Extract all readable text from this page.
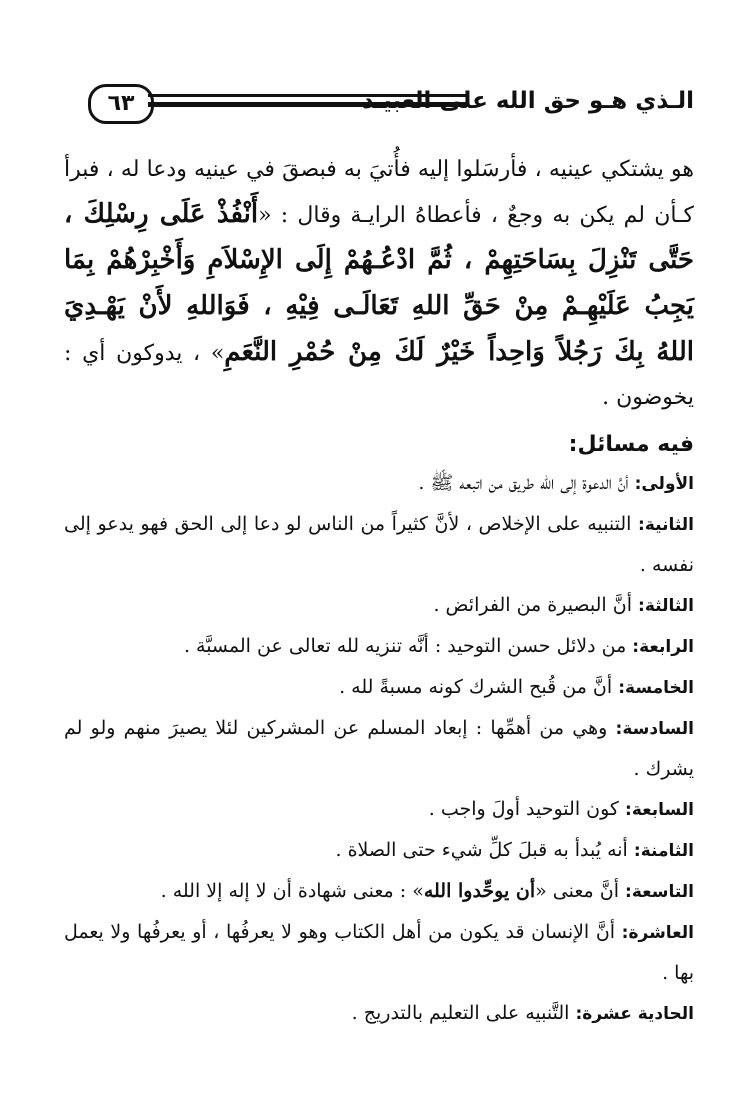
٦٣	الـذي هـو حق الله على العبيـد

هو يشتكي عينيه ، فأرسَلوا إليه فأُتيَ به فبصقَ في عينيه ودعا له ، فبرأ كـأن لم يكن به وجعٌ ، فأعطاهُ الرايـة وقال : «أَنْفُذْ عَلَى رِسْلِكَ ، حَتَّى تَنْزِلَ بِسَاحَتِهِمْ ، ثُمَّ ادْعُـهُمْ إِلَى الإِسْلاَمِ وَأَخْبِرْهُمْ بِمَا يَجِبُ عَلَيْهِـمْ مِنْ حَقِّ اللهِ تَعَالَـى فِيْهِ ، فَوَاللهِ لأَنْ يَهْـدِيَ اللهُ بِكَ رَجُلاً وَاحِداً خَيْرٌ لَكَ مِنْ حُمْرِ النَّعَمِ» ، يدوكون أي : يخوضون .

فيه مسائل:

الأولى: أنَّ الدعوة إلى الله طريق من اتبعه ﷺ .

الثانية: التنبيه على الإخلاص ، لأنَّ كثيراً من الناس لو دعا إلى الحق فهو يدعو إلى نفسه .

الثالثة: أنَّ البصيرة من الفرائض .

الرابعة: من دلائل حسن التوحيد : أنَّه تنزيه لله تعالى عن المسبَّة .

الخامسة: أنَّ من قُبح الشرك كونه مسبةً لله .

السادسة: وهي من أهمِّها : إبعاد المسلم عن المشركين لئلا يصيرَ منهم ولو لم يشرك .

السابعة: كون التوحيد أولَ واجب .

الثامنة: أنه يُبدأ به قبلَ كلِّ شيء حتى الصلاة .

التاسعة: أنَّ معنى «أن يوحِّدوا الله» : معنى شهادة أن لا إله إلا الله .

العاشرة: أنَّ الإنسان قد يكون من أهل الكتاب وهو لا يعرفُها ، أو يعرفُها ولا يعمل بها .

الحادية عشرة: التَّنبيه على التعليم بالتدريج .
